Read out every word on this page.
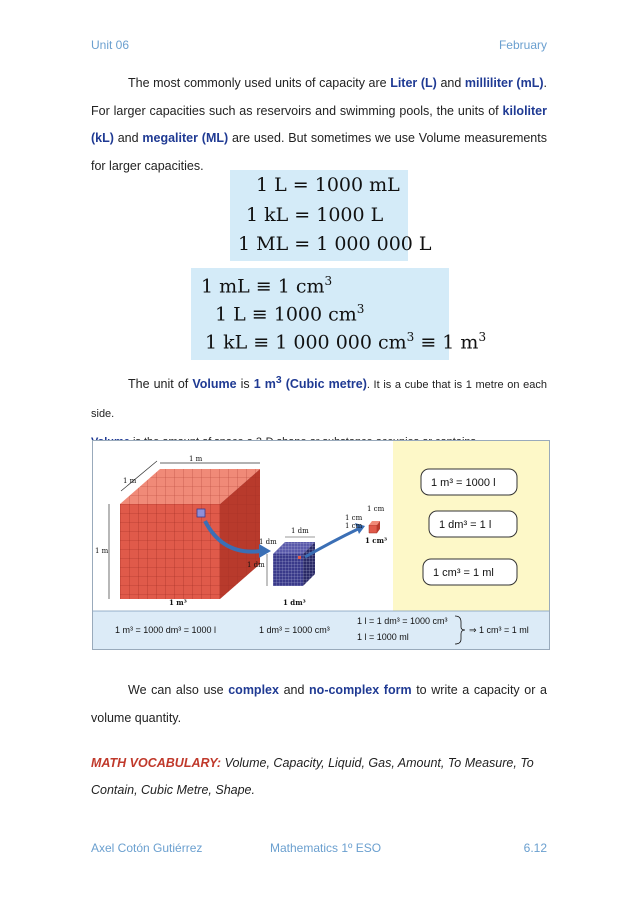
Unit 06	February
The most commonly used units of capacity are Liter (L) and milliliter (mL). For larger capacities such as reservoirs and swimming pools, the units of kiloliter (kL) and megaliter (ML) are used. But sometimes we use Volume measurements for larger capacities.
1 L = 1000 mL
1 kL = 1000 L
1 ML = 1 000 000 L
1 mL ≡ 1 $cm^3$
1 L ≡ 1000 $cm^3$
1 kL ≡ 1 000 000 $cm^3 \equiv 1$ $m^3$
The unit of Volume is 1 $m^3$ (Cubic metre). It is a cube that is 1 metre on each side.

1 m
1 m
1 m
1 dm
1 dm
1 dm
1 cm
1 cm
1 cm
1 m³	1 dm³
1 cm³
1 m³ = 1000 l
1 dm³ = 1 l
1 cm³ = 1 ml
1 m³ = 1000 dm³ = 1000 l	1 dm³ = 1000 cm³
1 l = 1 dm³ = 1000 cm³
1 l = 1000 ml
⇒ 1 cm³ = 1 ml
We can also use complex and no-complex form to write a capacity or a volume quantity.
MATH VOCABULARY: Volume, Capacity, Liquid, Gas, Amount, To Measure, To Contain, Cubic Metre, Shape.
Axel Cotón Gutiérrez	Mathematics 1º ESO	6.12
